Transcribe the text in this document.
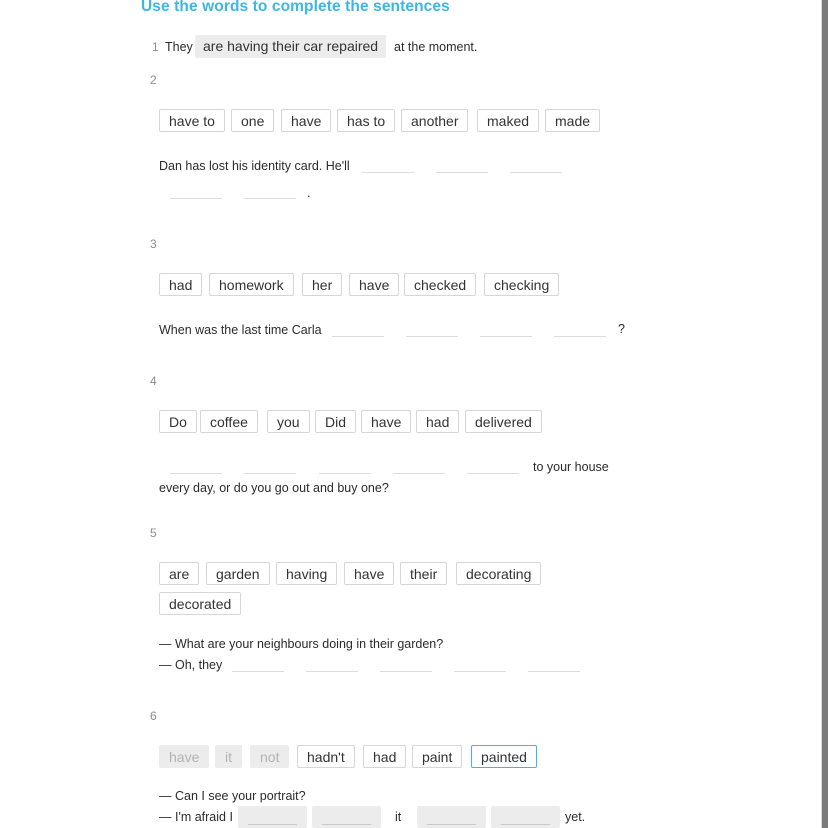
Use the words to complete the sentences
1 They are having their car repaired	at the moment.
2
have to	one	have	has to	another	maked	made
Dan has lost his identity card. He'll
.
3
had	homework	her	have	checked	checking
When was the last time Carla	?
4
Do	coffee	you	Did	have	had	delivered
to your house
every day, or do you go out and buy one?
5
are	garden	having	have	their	decorating
decorated
— What are your neighbours doing in their garden?
— Oh, they
6
have	it	not	hadn't	had	paint	painted
— Can I see your portrait?
— I'm afraid I	it	yet.
